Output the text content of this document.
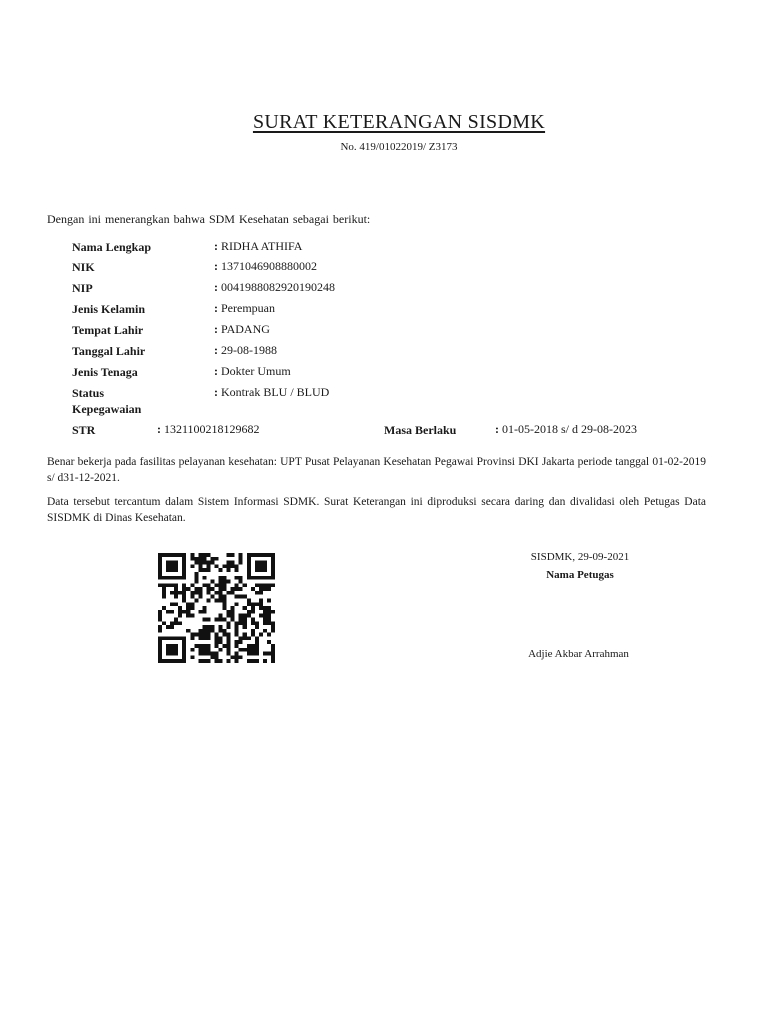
SURAT KETERANGAN SISDMK
No. 419/01022019/ Z3173
Dengan ini menerangkan bahwa SDM Kesehatan sebagai berikut:
Nama Lengkap	: RIDHA ATHIFA
NIK	: 1371046908880002
NIP	: 0041988082920190248
Jenis Kelamin	: Perempuan
Tempat Lahir	: PADANG
Tanggal Lahir	: 29-08-1988
Jenis Tenaga	: Dokter Umum
Status
Kepegawaian
: Kontrak BLU / BLUD
STR	: 1321100218129682	Masa Berlaku	: 01-05-2018 s/ d 29-08-2023
Benar bekerja pada fasilitas pelayanan kesehatan: UPT Pusat Pelayanan Kesehatan Pegawai Provinsi DKI Jakarta periode tanggal 01-02-2019 s/ d31-12-2021.
Data tersebut tercantum dalam Sistem Informasi SDMK. Surat Keterangan ini diproduksi secara daring dan divalidasi oleh Petugas Data SISDMK di Dinas Kesehatan.
SISDMK, 29-09-2021
Nama Petugas
Adjie Akbar Arrahman
